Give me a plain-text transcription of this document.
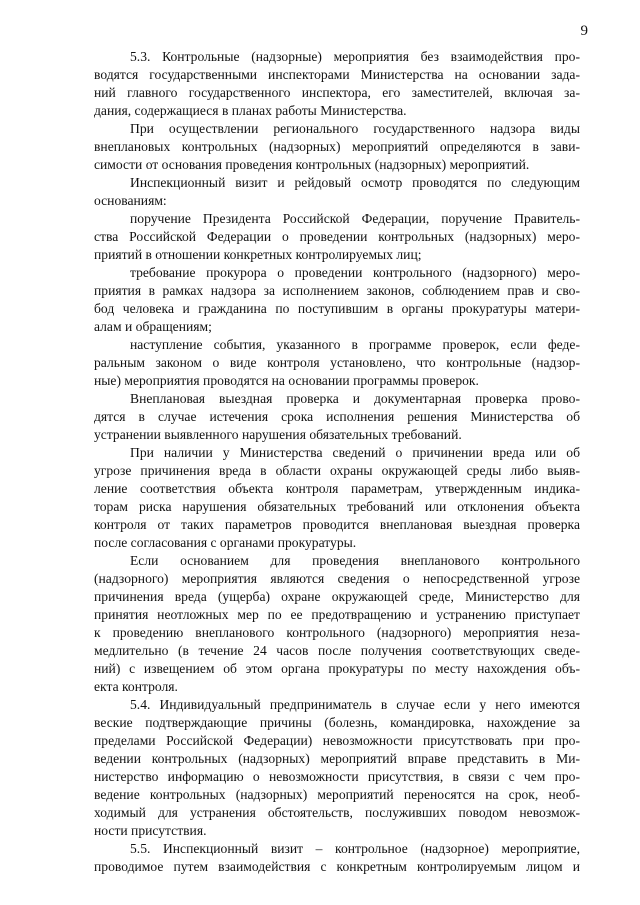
9
5.3. Контрольные (надзорные) мероприятия без взаимодействия про-
водятся государственными инспекторами Министерства на основании зада-
ний главного государственного инспектора, его заместителей, включая за-
дания, содержащиеся в планах работы Министерства.
При осуществлении регионального государственного надзора виды
внеплановых контрольных (надзорных) мероприятий определяются в зави-
симости от основания проведения контрольных (надзорных) мероприятий.
Инспекционный визит и рейдовый осмотр проводятся по следующим
основаниям:
поручение Президента Российской Федерации, поручение Правитель-
ства Российской Федерации о проведении контрольных (надзорных) меро-
приятий в отношении конкретных контролируемых лиц;
требование прокурора о проведении контрольного (надзорного) меро-
приятия в рамках надзора за исполнением законов, соблюдением прав и сво-
бод человека и гражданина по поступившим в органы прокуратуры матери-
алам и обращениям;
наступление события, указанного в программе проверок, если феде-
ральным законом о виде контроля установлено, что контрольные (надзор-
ные) мероприятия проводятся на основании программы проверок.
Внеплановая выездная проверка и документарная проверка прово-
дятся в случае истечения срока исполнения решения Министерства об
устранении выявленного нарушения обязательных требований.
При наличии у Министерства сведений о причинении вреда или об
угрозе причинения вреда в области охраны окружающей среды либо выяв-
ление соответствия объекта контроля параметрам, утвержденным индика-
торам риска нарушения обязательных требований или отклонения объекта
контроля от таких параметров проводится внеплановая выездная проверка
после согласования с органами прокуратуры.
Если основанием для проведения внепланового контрольного
(надзорного) мероприятия являются сведения о непосредственной угрозе
причинения вреда (ущерба) охране окружающей среде, Министерство для
принятия неотложных мер по ее предотвращению и устранению приступает
к проведению внепланового контрольного (надзорного) мероприятия неза-
медлительно (в течение 24 часов после получения соответствующих сведе-
ний) с извещением об этом органа прокуратуры по месту нахождения объ-
екта контроля.
5.4. Индивидуальный предприниматель в случае если у него имеются
веские подтверждающие причины (болезнь, командировка, нахождение за
пределами Российской Федерации) невозможности присутствовать при про-
ведении контрольных (надзорных) мероприятий вправе представить в Ми-
нистерство информацию о невозможности присутствия, в связи с чем про-
ведение контрольных (надзорных) мероприятий переносятся на срок, необ-
ходимый для устранения обстоятельств, послуживших поводом невозмож-
ности присутствия.
5.5. Инспекционный визит – контрольное (надзорное) мероприятие,
проводимое путем взаимодействия с конкретным контролируемым лицом и
